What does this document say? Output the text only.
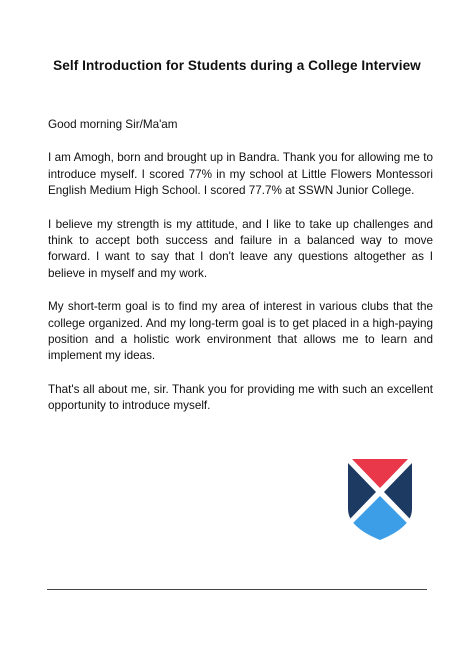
Self Introduction for Students during a College Interview

Good morning Sir/Ma'am

I am Amogh, born and brought up in Bandra. Thank you for allowing me to introduce myself. I scored 77% in my school at Little Flowers Montessori English Medium High School. I scored 77.7% at SSWN Junior College.

I believe my strength is my attitude, and I like to take up challenges and think to accept both success and failure in a balanced way to move forward. I want to say that I don't leave any questions altogether as I believe in myself and my work.

My short-term goal is to find my area of interest in various clubs that the college organized. And my long-term goal is to get placed in a high-paying position and a holistic work environment that allows me to learn and implement my ideas.

That's all about me, sir. Thank you for providing me with such an excellent opportunity to introduce myself.
